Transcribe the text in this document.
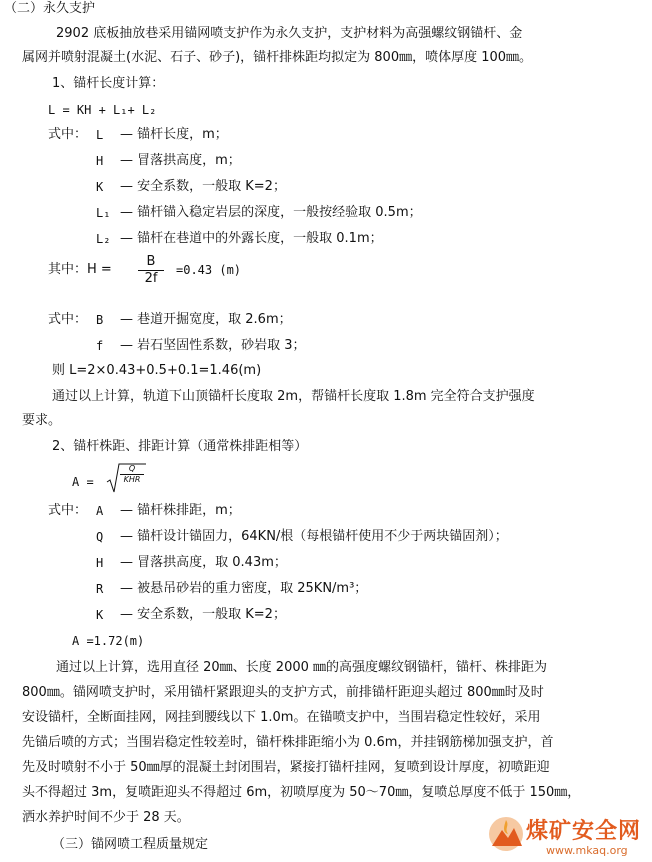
（二）永久支护
2902 底板抽放巷采用锚网喷支护作为永久支护，支护材料为高强螺纹钢锚杆、金
属网并喷射混凝土(水泥、石子、砂子)，锚杆排株距均拟定为 800㎜，喷体厚度 100㎜。
1、锚杆长度计算：
L = KH + L₁+ L₂
式中： L — 锚杆长度，m；
H — 冒落拱高度，m；
K — 安全系数，一般取 K=2；
L₁ — 锚杆锚入稳定岩层的深度，一般按经验取 0.5m；
L₂ — 锚杆在巷道中的外露长度，一般取 0.1m；
其中：H =
B
2f
=0.43 (m)
式中： B — 巷道开掘宽度，取 2.6m；
f — 岩石坚固性系数，砂岩取 3；
则 L=2×0.43+0.5+0.1=1.46(m)
通过以上计算，轨道下山顶锚杆长度取 2m，帮锚杆长度取 1.8m 完全符合支护强度
要求。
2、锚杆株距、排距计算（通常株排距相等）
A =
Q
KHR
式中： A — 锚杆株排距，m；
Q — 锚杆设计锚固力，64KN/根（每根锚杆使用不少于两块锚固剂）；
H — 冒落拱高度，取 0.43m；
R — 被悬吊砂岩的重力密度，取 25KN/m³；
K — 安全系数，一般取 K=2；
A =1.72(m)
通过以上计算，选用直径 20㎜、长度 2000 ㎜的高强度螺纹钢锚杆，锚杆、株排距为
800㎜。锚网喷支护时，采用锚杆紧跟迎头的支护方式，前排锚杆距迎头超过 800㎜时及时
安设锚杆，全断面挂网，网挂到腰线以下 1.0m。在锚喷支护中，当围岩稳定性较好，采用
先锚后喷的方式；当围岩稳定性较差时，锚杆株排距缩小为 0.6m，并挂钢筋梯加强支护，首
先及时喷射不小于 50㎜厚的混凝土封闭围岩，紧接打锚杆挂网，复喷到设计厚度，初喷距迎
头不得超过 3m，复喷距迎头不得超过 6m，初喷厚度为 50～70㎜，复喷总厚度不低于 150㎜，
洒水养护时间不少于 28 天。
（三）锚网喷工程质量规定
煤矿安全网
www.mkaq.org
